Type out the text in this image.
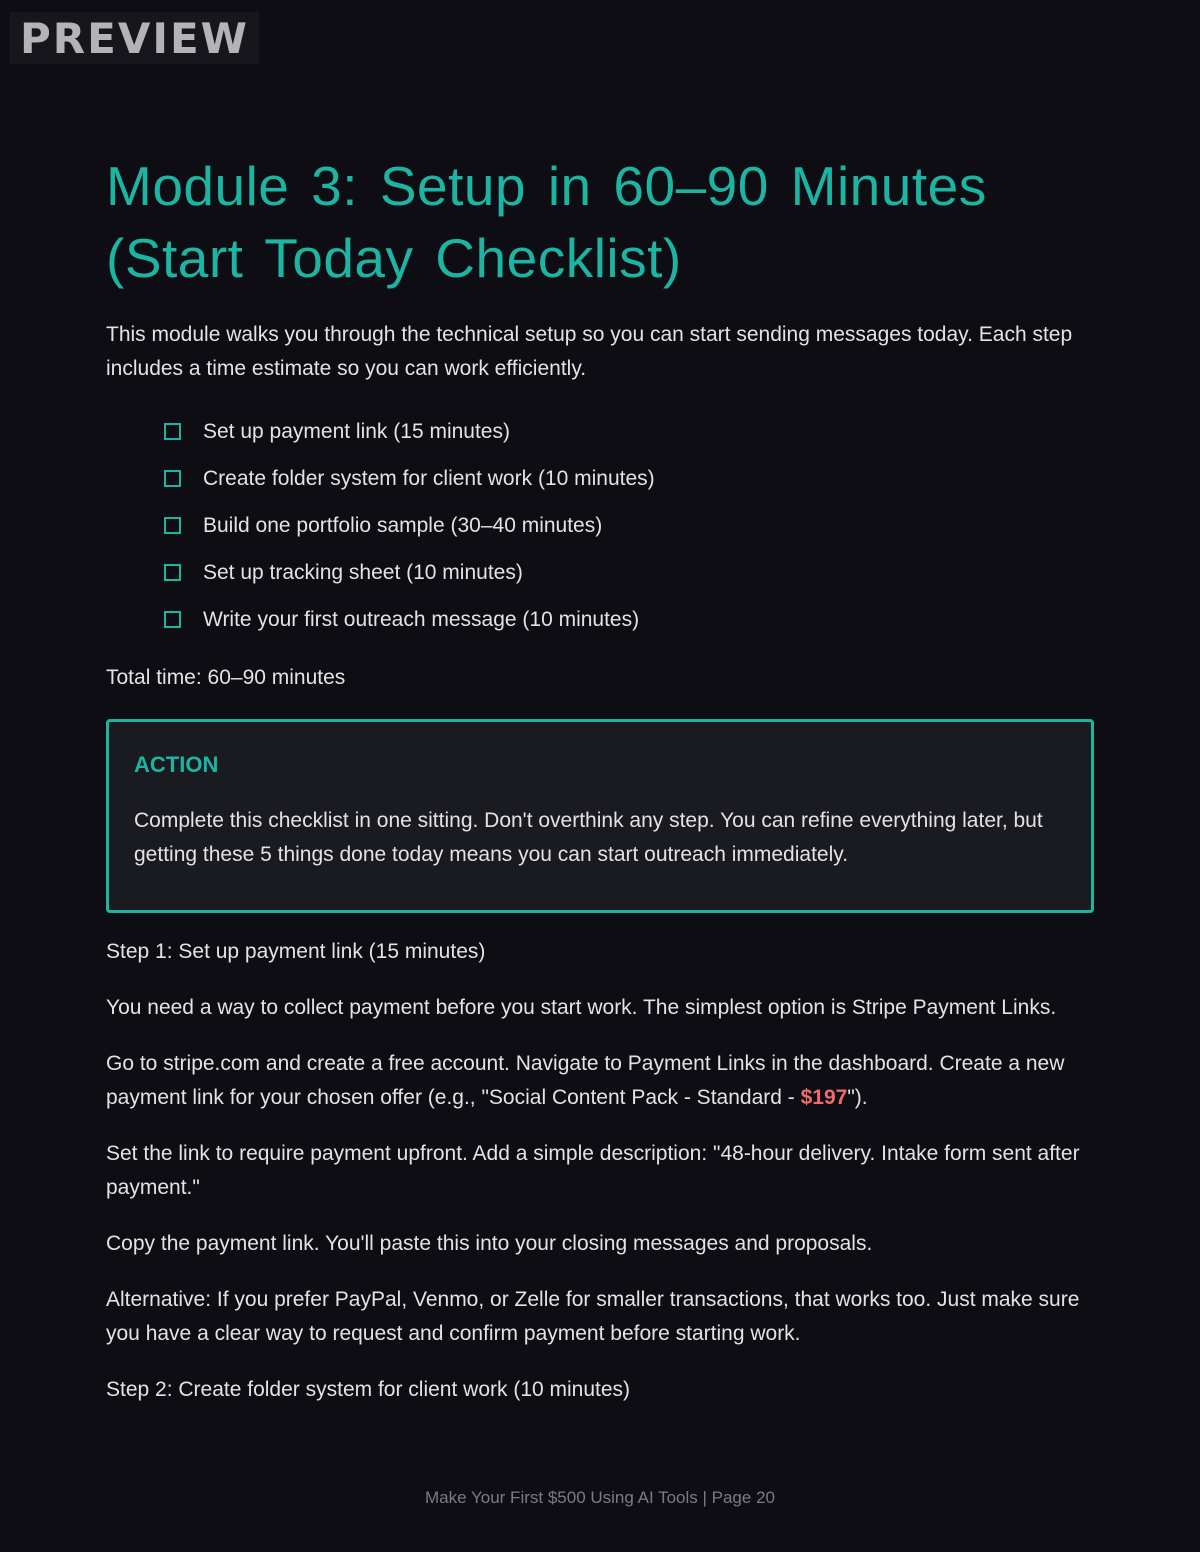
PREVIEW
Module 3: Setup in 60–90 Minutes
(Start Today Checklist)

This module walks you through the technical setup so you can start sending messages today. Each step includes a time estimate so you can work efficiently.

Set up payment link (15 minutes)
Create folder system for client work (10 minutes)
Build one portfolio sample (30–40 minutes)
Set up tracking sheet (10 minutes)
Write your first outreach message (10 minutes)

Total time: 60–90 minutes

ACTION

Complete this checklist in one sitting. Don't overthink any step. You can refine everything later, but getting these 5 things done today means you can start outreach immediately.

Step 1: Set up payment link (15 minutes)

You need a way to collect payment before you start work. The simplest option is Stripe Payment Links.

Go to stripe.com and create a free account. Navigate to Payment Links in the dashboard. Create a new payment link for your chosen offer (e.g., "Social Content Pack - Standard - $197").

Set the link to require payment upfront. Add a simple description: "48-hour delivery. Intake form sent after payment."

Copy the payment link. You'll paste this into your closing messages and proposals.

Alternative: If you prefer PayPal, Venmo, or Zelle for smaller transactions, that works too. Just make sure you have a clear way to request and confirm payment before starting work.

Step 2: Create folder system for client work (10 minutes)

Make Your First $500 Using AI Tools | Page 20
